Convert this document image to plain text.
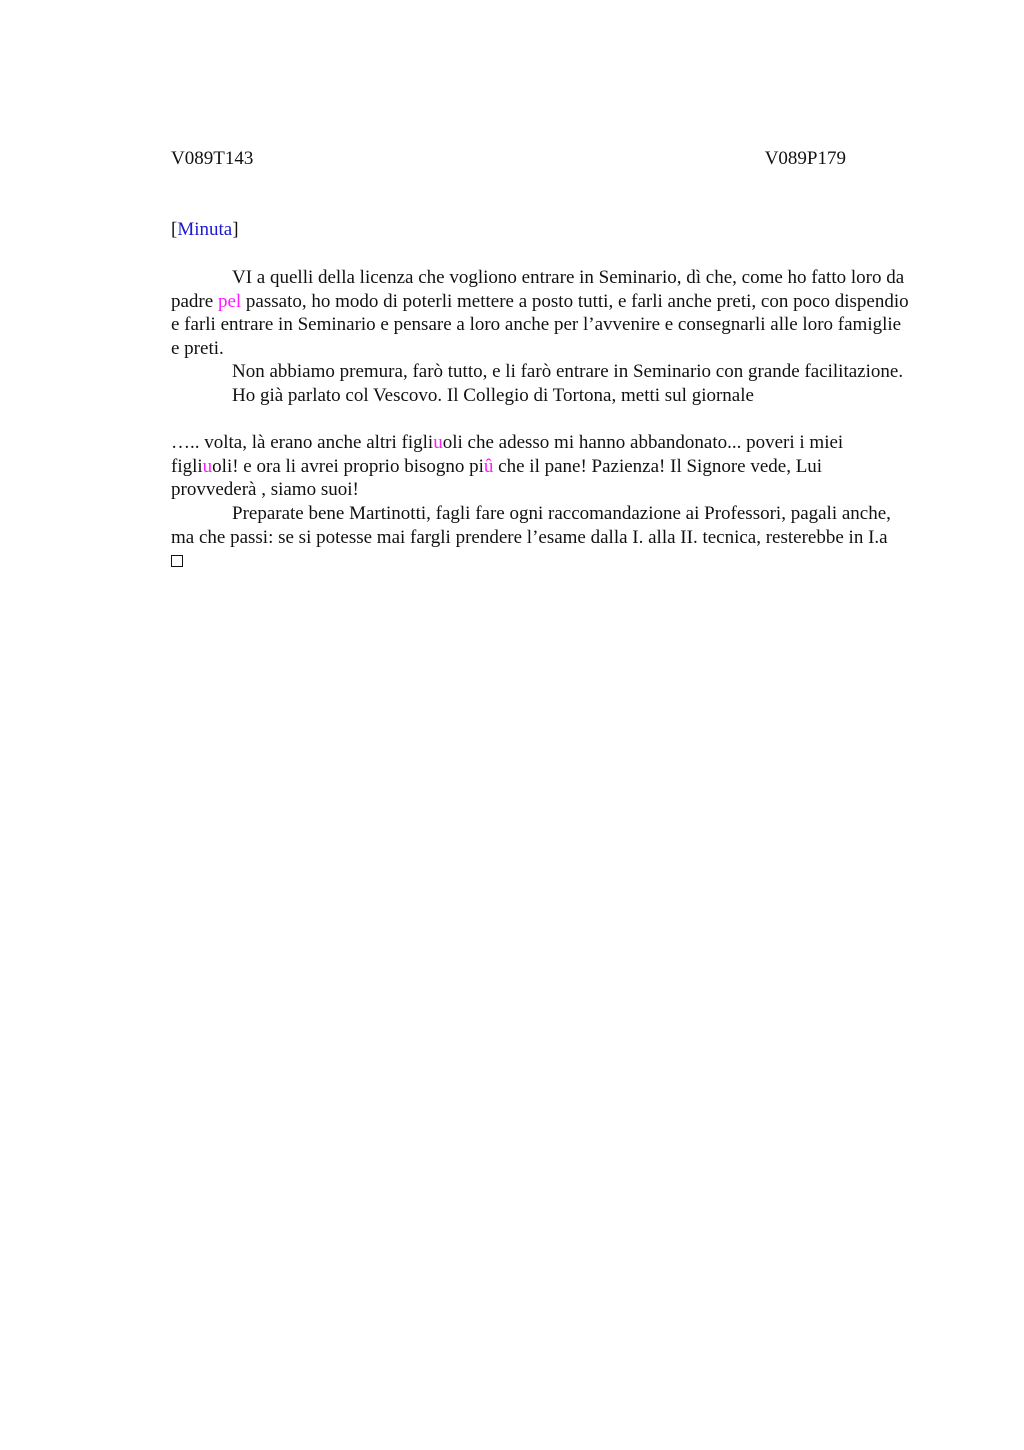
V089T143	V089P179
[Minuta]

VI a quelli della licenza che vogliono entrare in Seminario, dì che, come ho fatto loro da padre pel passato, ho modo di poterli mettere a posto tutti, e farli anche preti, con poco dispendio e farli entrare in Seminario e pensare a loro anche per l’avvenire e consegnarli alle loro famiglie e preti.

Non abbiamo premura, farò tutto, e li farò entrare in Seminario con grande facilitazione.

Ho già parlato col Vescovo. Il Collegio di Tortona, metti sul giornale

….. volta, là erano anche altri figliuoli che adesso mi hanno abbandonato... poveri i miei figliuoli! e ora li avrei proprio bisogno piû che il pane! Pazienza! Il Signore vede, Lui provvederà , siamo suoi!

Preparate bene Martinotti, fagli fare ogni raccomandazione ai Professori, pagali anche, ma che passi: se si potesse mai fargli prendere l’esame dalla I. alla II. tecnica, resterebbe in I.a
